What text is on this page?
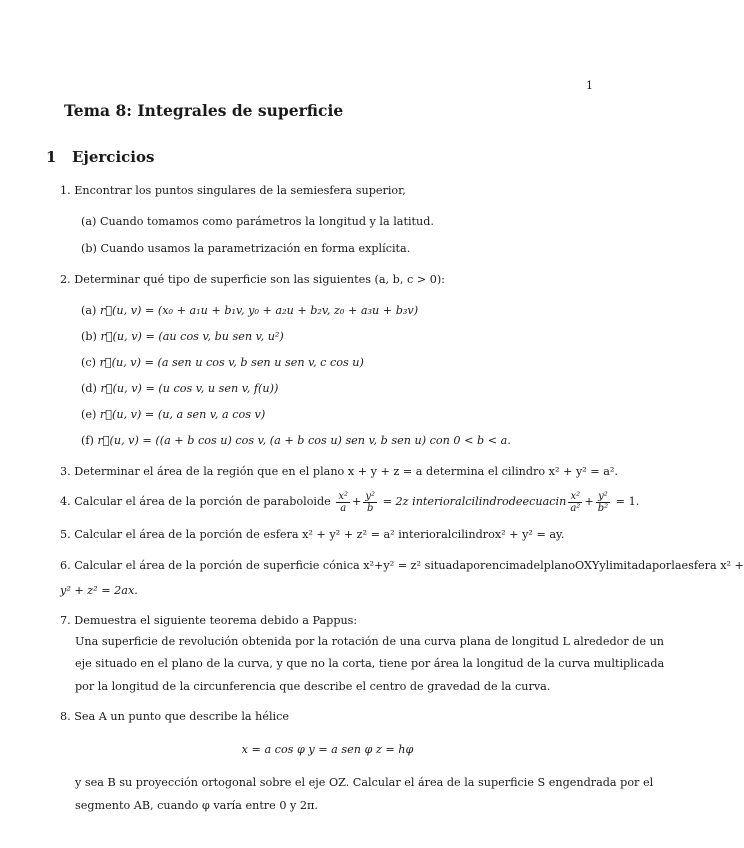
1
Tema 8: Integrales de superficie
1 Ejercicios
1. Encontrar los puntos singulares de la semiesfera superior,
(a) Cuando tomamos como parámetros la longitud y la latitud.
(b) Cuando usamos la parametrización en forma explícita.
2. Determinar qué tipo de superficie son las siguientes (a, b, c > 0):
(a) r⃗(u, v) = (x₀ + a₁u + b₁v, y₀ + a₂u + b₂v, z₀ + a₃u + b₃v)
(b) r⃗(u, v) = (au cos v, bu sen v, u²)
(c) r⃗(u, v) = (a sen u cos v, b sen u sen v, c cos u)
(d) r⃗(u, v) = (u cos v, u sen v, f(u))
(e) r⃗(u, v) = (u, a sen v, a cos v)
(f) r⃗(u, v) = ((a + b cos u) cos v, (a + b cos u) sen v, b sen u) con 0 < b < a.
3. Determinar el área de la región que en el plano x + y + z = a determina el cilindro x² + y² = a².
4. Calcular el área de la porción de paraboloide $\frac{\text{x²}}{a} + \frac{\text{y²}}{b} = 2z$ interioralcilindrodeecuacin $\frac{\text{x²}}{\text{a²}} + \frac{\text{y²}}{\text{b²}} = 1$.
5. Calcular el área de la porción de esfera x² + y² + z² = a² interioralcilindrox² + y² = ay.
6. Calcular el área de la porción de superficie cónica x²+y² = z² situadaporencimadelplanoOXYylimitadaporlaesfera x² +
y² + z² = 2ax.
7. Demuestra el siguiente teorema debido a Pappus:
Una superficie de revolución obtenida por la rotación de una curva plana de longitud L alrededor de un
eje situado en el plano de la curva, y que no la corta, tiene por área la longitud de la curva multiplicada
por la longitud de la circunferencia que describe el centro de gravedad de la curva.
8. Sea A un punto que describe la hélice
x = a cos φ y = a sen φ z = hφ
y sea B su proyección ortogonal sobre el eje OZ. Calcular el área de la superficie S engendrada por el
segmento AB, cuando φ varía entre 0 y 2π.
